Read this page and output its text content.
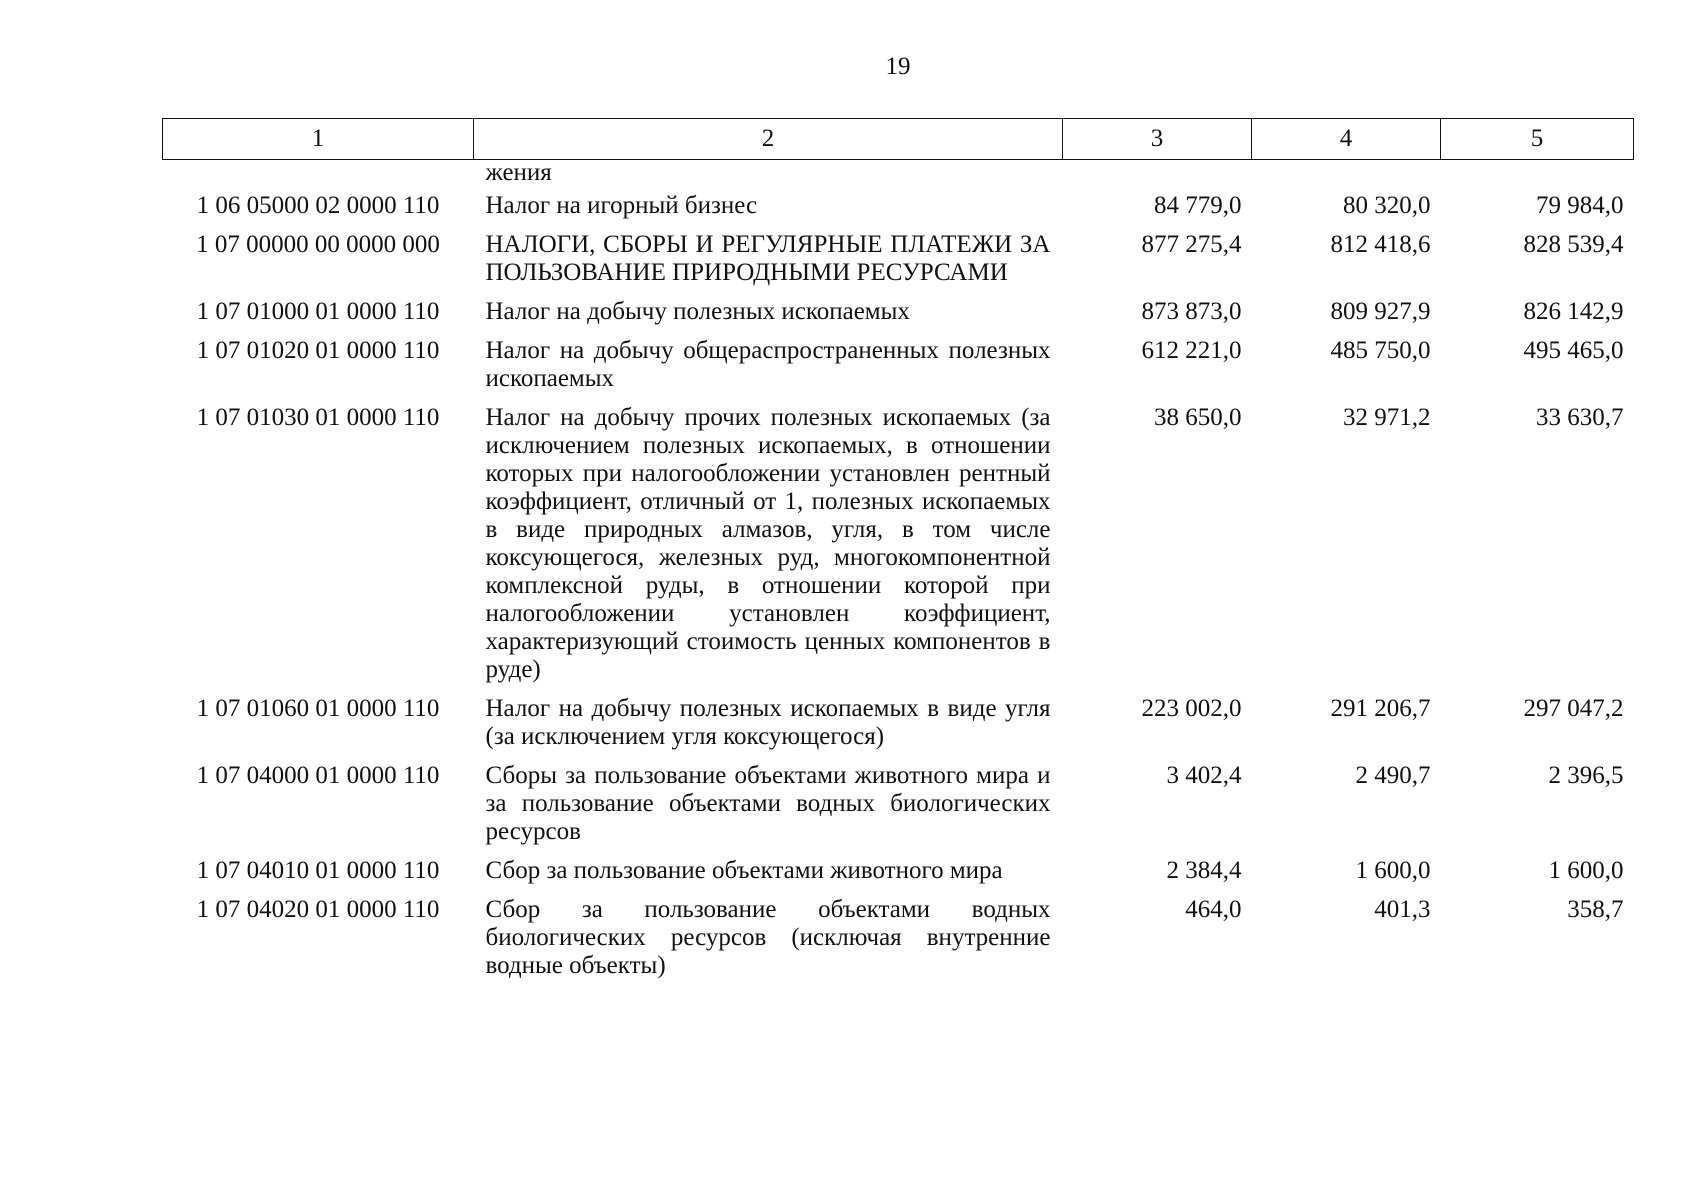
19
1	2	3	4	5
	жения			
1 06 05000 02 0000 110	Налог на игорный бизнес	84 779,0	80 320,0	79 984,0
1 07 00000 00 0000 000	НАЛОГИ, СБОРЫ И РЕГУЛЯРНЫЕ ПЛАТЕЖИ ЗА ПОЛЬЗОВАНИЕ ПРИРОДНЫМИ РЕСУРСАМИ	877 275,4	812 418,6	828 539,4
1 07 01000 01 0000 110	Налог на добычу полезных ископаемых	873 873,0	809 927,9	826 142,9
1 07 01020 01 0000 110	Налог на добычу общераспространенных полезных ископаемых	612 221,0	485 750,0	495 465,0
1 07 01030 01 0000 110	Налог на добычу прочих полезных ископаемых (за исключением полезных ископаемых, в отношении которых при налогообложении установлен рентный коэффициент, отличный от 1, полезных ископаемых в виде природных алмазов, угля, в том числе коксующегося, железных руд, многокомпонентной комплексной руды, в отношении которой при налогообложении установлен коэффициент, характеризующий стоимость ценных компонентов в руде)	38 650,0	32 971,2	33 630,7
1 07 01060 01 0000 110	Налог на добычу полезных ископаемых в виде угля (за исключением угля коксующегося)	223 002,0	291 206,7	297 047,2
1 07 04000 01 0000 110	Сборы за пользование объектами животного мира и за пользование объектами водных биологических ресурсов	3 402,4	2 490,7	2 396,5
1 07 04010 01 0000 110	Сбор за пользование объектами животного мира	2 384,4	1 600,0	1 600,0
1 07 04020 01 0000 110	Сбор за пользование объектами водных биологических ресурсов (исключая внутренние водные объекты)	464,0	401,3	358,7
